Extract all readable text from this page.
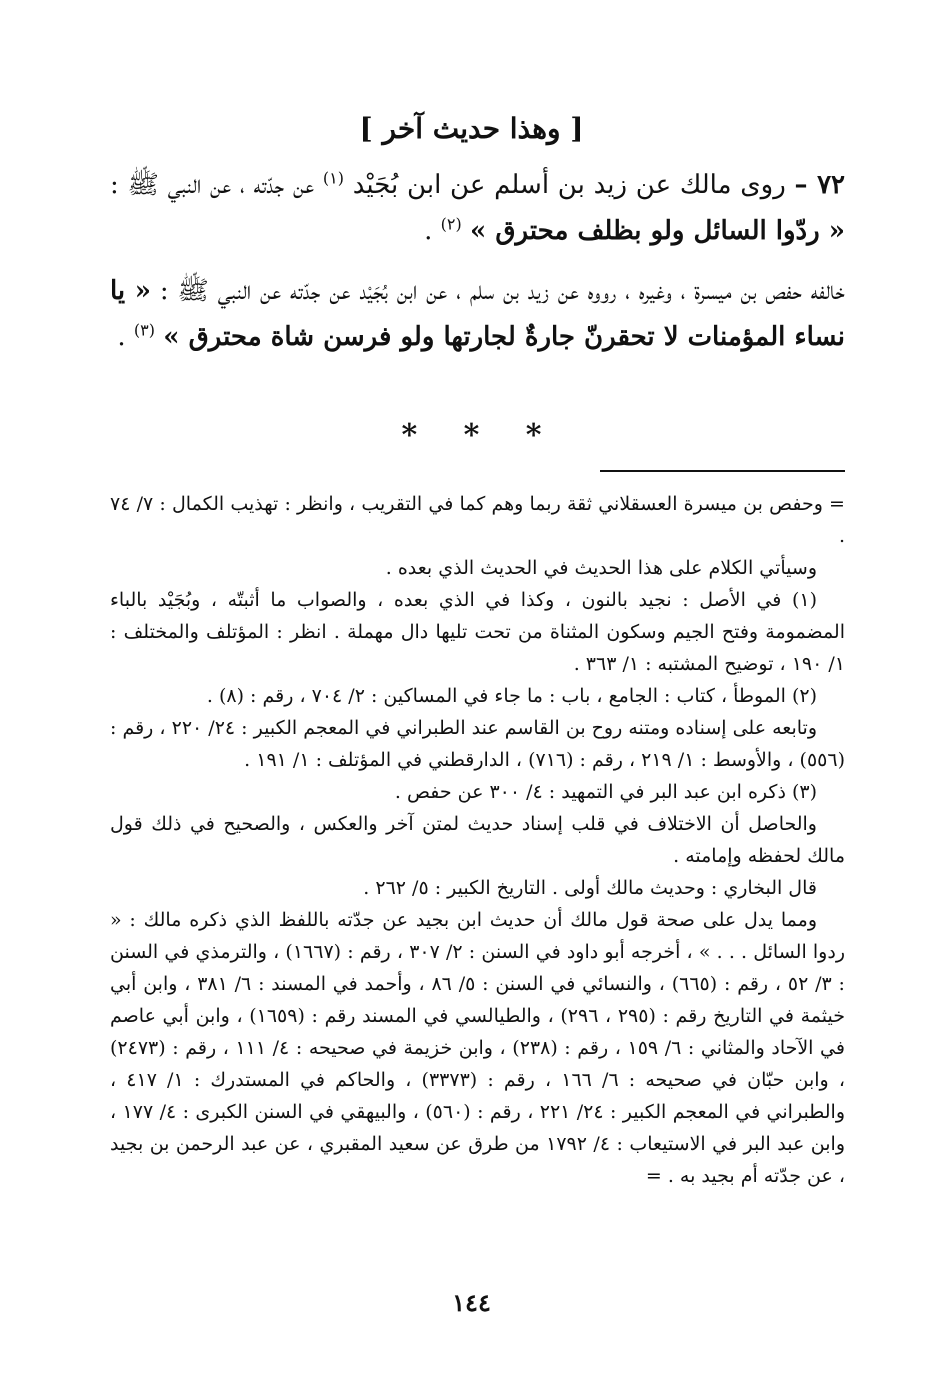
[ وهذا حديث آخر ]
٧٢ – روى مالك عن زيد بن أسلم عن ابن بُجَيْد $^{(١)}$ عن جدّته ، عن النبي ﷺ : « ردّوا السائل ولو بظلف محترق » $^{(٢)}$ .
خالفه حفص بن ميسرة ، وغيره ، رووه عن زيد بن سلم ، عن ابن بُجَيْد عن جدّته عن النبي ﷺ : « يا نساء المؤمنات لا تحقرنّ جارةٌ لجارتها ولو فرسن شاة محترق » $^{(٣)}$ .
* * *

= وحفص بن ميسرة العسقلاني ثقة ربما وهم كما في التقريب ، وانظر : تهذيب الكمال : ٧/ ٧٤ .

وسيأتي الكلام على هذا الحديث في الحديث الذي بعده .

(١) في الأصل : نجيد بالنون ، وكذا في الذي بعده ، والصواب ما أثبتّه ، وبُجَيْد بالباء المضمومة وفتح الجيم وسكون المثناة من تحت تليها دال مهملة . انظر : المؤتلف والمختلف : ١/ ١٩٠ ، توضيح المشتبه : ١/ ٣٦٣ .

(٢) الموطأ ، كتاب : الجامع ، باب : ما جاء في المساكين : ٢/ ٧٠٤ ، رقم : (٨) .

وتابعه على إسناده ومتنه روح بن القاسم عند الطبراني في المعجم الكبير : ٢٤/ ٢٢٠ ، رقم : (٥٥٦) ، والأوسط : ١/ ٢١٩ ، رقم : (٧١٦) ، الدارقطني في المؤتلف : ١/ ١٩١ .

(٣) ذكره ابن عبد البر في التمهيد : ٤/ ٣٠٠ عن حفص .

والحاصل أن الاختلاف في قلب إسناد حديث لمتن آخر والعكس ، والصحيح في ذلك قول مالك لحفظه وإمامته .

قال البخاري : وحديث مالك أولى . التاريخ الكبير : ٥/ ٢٦٢ .

ومما يدل على صحة قول مالك أن حديث ابن بجيد عن جدّته باللفظ الذي ذكره مالك : « ردوا السائل . . . » ، أخرجه أبو داود في السنن : ٢/ ٣٠٧ ، رقم : (١٦٦٧) ، والترمذي في السنن : ٣/ ٥٢ ، رقم : (٦٦٥) ، والنسائي في السنن : ٥/ ٨٦ ، وأحمد في المسند : ٦/ ٣٨١ ، وابن أبي خيثمة في التاريخ رقم : (٢٩٥ ، ٢٩٦) ، والطيالسي في المسند رقم : (١٦٥٩) ، وابن أبي عاصم في الآحاد والمثاني : ٦/ ١٥٩ ، رقم : (٢٣٨) ، وابن خزيمة في صحيحه : ٤/ ١١١ ، رقم : (٢٤٧٣) ، وابن حبّان في صحيحه : ٦/ ١٦٦ ، رقم : (٣٣٧٣) ، والحاكم في المستدرك : ١/ ٤١٧ ، والطبراني في المعجم الكبير : ٢٤/ ٢٢١ ، رقم : (٥٦٠) ، والبيهقي في السنن الكبرى : ٤/ ١٧٧ ، وابن عبد البر في الاستيعاب : ٤/ ١٧٩٢ من طرق عن سعيد المقبري ، عن عبد الرحمن بن بجيد ، عن جدّته أم بجيد به . =

١٤٤
